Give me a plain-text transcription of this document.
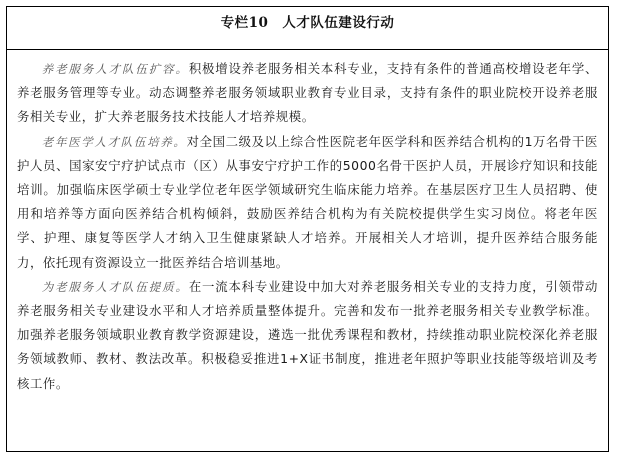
专栏10 人才队伍建设行动

养老服务人才队伍扩容。积极增设养老服务相关本科专业，支持有条件的普通高校增设老年学、养老服务管理等专业。动态调整养老服务领域职业教育专业目录，支持有条件的职业院校开设养老服务相关专业，扩大养老服务技术技能人才培养规模。

老年医学人才队伍培养。对全国二级及以上综合性医院老年医学科和医养结合机构的1万名骨干医护人员、国家安宁疗护试点市（区）从事安宁疗护工作的5000名骨干医护人员，开展诊疗知识和技能培训。加强临床医学硕士专业学位老年医学领域研究生临床能力培养。在基层医疗卫生人员招聘、使用和培养等方面向医养结合机构倾斜，鼓励医养结合机构为有关院校提供学生实习岗位。将老年医学、护理、康复等医学人才纳入卫生健康紧缺人才培养。开展相关人才培训，提升医养结合服务能力，依托现有资源设立一批医养结合培训基地。

为老服务人才队伍提质。在一流本科专业建设中加大对养老服务相关专业的支持力度，引领带动养老服务相关专业建设水平和人才培养质量整体提升。完善和发布一批养老服务相关专业教学标准。加强养老服务领域职业教育教学资源建设，遴选一批优秀课程和教材，持续推动职业院校深化养老服务领域教师、教材、教法改革。积极稳妥推进1+X证书制度，推进老年照护等职业技能等级培训及考核工作。
